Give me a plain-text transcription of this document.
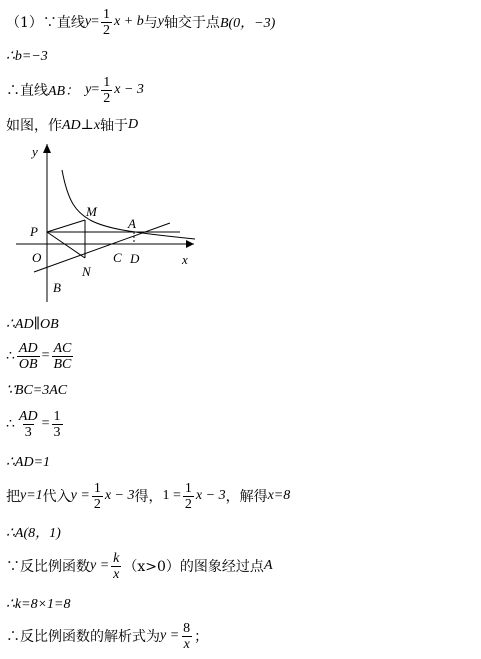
（1）∵直线 $y = \frac{1}{2}$ x + b 与 y 轴交于点 B(0，−3)
∴b=−3
∴直线 AB： $y = \frac{1}{2}$ x − 3
如图，作 AD⊥x 轴于 D
y
x
O
P
M
A
N
C D
B
∴AD∥OB
∴ $\frac{AD}{OB} = \frac{AC}{BC}$
∵BC=3AC
∴ $\frac{AD}{3} = \frac{1}{3}$
∴AD=1
把 y=1 代入 $y = \frac{1}{2}$ x − 3 得， $1 = \frac{1}{2}$ x − 3 ，解得 x=8
∴A(8，1)
∵反比例函数 $y = \frac{k}{x} (x>0)$的图象经过点 A
∴k=8×1=8
∴反比例函数的解析式为 $y = \frac{8}{x}$ ；
